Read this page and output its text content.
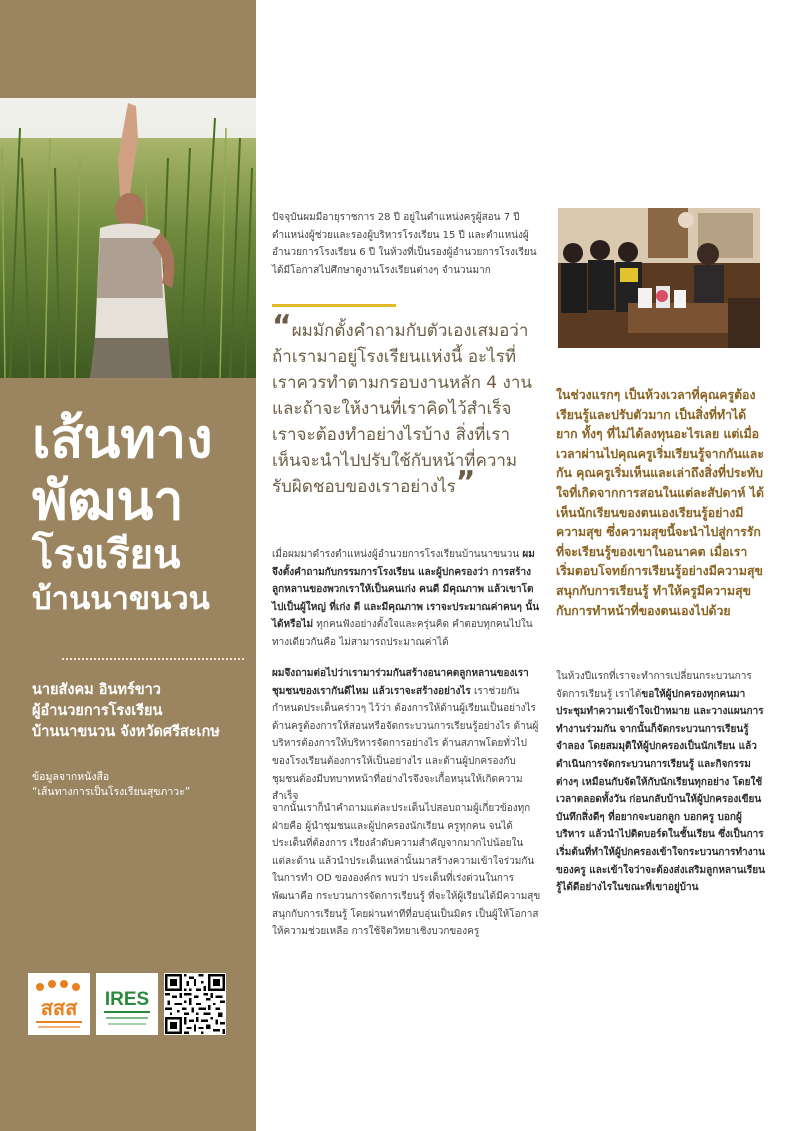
เส้นทาง
พัฒนา
โรงเรียน
บ้านนาขนวน
นายสังคม อินทร์ขาว
ผู้อำนวยการโรงเรียน
บ้านนาขนวน จังหวัดศรีสะเกษ
ข้อมูลจากหนังสือ
“เส้นทางการเป็นโรงเรียนสุขภาวะ”
สสส IRES

ปัจจุบันผมมีอายุราชการ 28 ปี อยู่ในตำแหน่งครูผู้สอน 7 ปี ตำแหน่งผู้ช่วยและรองผู้บริหารโรงเรียน 15 ปี และตำแหน่งผู้อำนวยการโรงเรียน 6 ปี ในห้วงที่เป็นรองผู้อำนวยการโรงเรียนได้มีโอกาสไปศึกษาดูงานโรงเรียนต่างๆ จำนวนมาก

“ผมมักตั้งคำถามกับตัวเองเสมอว่า ถ้าเรามาอยู่โรงเรียนแห่งนี้ อะไรที่เราควรทำตามกรอบงานหลัก 4 งาน และถ้าจะให้งานที่เราคิดไว้สำเร็จ เราจะต้องทำอย่างไรบ้าง สิ่งที่เราเห็นจะนำไปปรับใช้กับหน้าที่ความรับผิดชอบของเราอย่างไร”

เมื่อผมมาดำรงตำแหน่งผู้อำนวยการโรงเรียนบ้านนาขนวน ผมจึงตั้งคำถามกับกรรมการโรงเรียน และผู้ปกครองว่า การสร้างลูกหลานของพวกเราให้เป็นคนเก่ง คนดี มีคุณภาพ แล้วเขาโตไปเป็นผู้ใหญ่ ที่เก่ง ดี และมีคุณภาพ เราจะประมาณค่าคนๆ นั้นได้หรือไม่ ทุกคนฟังอย่างตั้งใจและครุ่นคิด คำตอบทุกคนไปในทางเดียวกันคือ ไม่สามารถประมาณค่าได้

ผมจึงถามต่อไปว่าเรามาร่วมกันสร้างอนาคตลูกหลานของเรา ชุมชนของเรากันดีไหม แล้วเราจะสร้างอย่างไร เราช่วยกันกำหนดประเด็นคร่าวๆ ไว้ว่า ต้องการให้ด้านผู้เรียนเป็นอย่างไร ด้านครูต้องการให้สอนหรือจัดกระบวนการเรียนรู้อย่างไร ด้านผู้บริหารต้องการให้บริหารจัดการอย่างไร ด้านสภาพโดยทั่วไปของโรงเรียนต้องการให้เป็นอย่างไร และด้านผู้ปกครองกับชุมชนต้องมีบทบาทหน้าที่อย่างไรจึงจะเกื้อหนุนให้เกิดความสำเร็จ

จากนั้นเราก็นำคำถามแต่ละประเด็นไปสอบถามผู้เกี่ยวข้องทุกฝ่ายคือ ผู้นำชุมชนและผู้ปกครองนักเรียน ครูทุกคน จนได้ประเด็นที่ต้องการ เรียงลำดับความสำคัญจากมากไปน้อยในแต่ละด้าน แล้วนำประเด็นเหล่านั้นมาสร้างความเข้าใจร่วมกันในการทำ OD ขององค์กร พบว่า ประเด็นที่เร่งด่วนในการพัฒนาคือ กระบวนการจัดการเรียนรู้ ที่จะให้ผู้เรียนได้มีความสุข สนุกกับการเรียนรู้ โดยผ่านท่าทีที่อบอุ่นเป็นมิตร เป็นผู้ให้โอกาส ให้ความช่วยเหลือ การใช้จิตวิทยาเชิงบวกของครู

ในช่วงแรกๆ เป็นห้วงเวลาที่คุณครูต้องเรียนรู้และปรับตัวมาก เป็นสิ่งที่ทำได้ยาก ทั้งๆ ที่ไม่ได้ลงทุนอะไรเลย แต่เมื่อเวลาผ่านไปคุณครูเริ่มเรียนรู้จากกันและกัน คุณครูเริ่มเห็นและเล่าถึงสิ่งที่ประทับใจที่เกิดจากการสอนในแต่ละสัปดาห์ ได้เห็นนักเรียนของตนเองเรียนรู้อย่างมีความสุข ซึ่งความสุขนี้จะนำไปสู่การรักที่จะเรียนรู้ของเขาในอนาคต เมื่อเราเริ่มตอบโจทย์การเรียนรู้อย่างมีความสุข สนุกกับการเรียนรู้ ทำให้ครูมีความสุขกับการทำหน้าที่ของตนเองไปด้วย

ในห้วงปีแรกที่เราจะทำการเปลี่ยนกระบวนการจัดการเรียนรู้ เราได้ขอให้ผู้ปกครองทุกคนมาประชุมทำความเข้าใจเป้าหมาย และวางแผนการทำงานร่วมกัน จากนั้นก็จัดกระบวนการเรียนรู้จำลอง โดยสมมุติให้ผู้ปกครองเป็นนักเรียน แล้วดำเนินการจัดกระบวนการเรียนรู้ และกิจกรรมต่างๆ เหมือนกับจัดให้กับนักเรียนทุกอย่าง โดยใช้เวลาตลอดทั้งวัน ก่อนกลับบ้านให้ผู้ปกครองเขียนบันทึกสิ่งดีๆ ที่อยากจะบอกลูก บอกครู บอกผู้บริหาร แล้วนำไปติดบอร์ดในชั้นเรียน ซึ่งเป็นการเริ่มต้นที่ทำให้ผู้ปกครองเข้าใจกระบวนการทำงานของครู และเข้าใจว่าจะต้องส่งเสริมลูกหลานเรียนรู้ได้ดีอย่างไรในขณะที่เขาอยู่บ้าน
